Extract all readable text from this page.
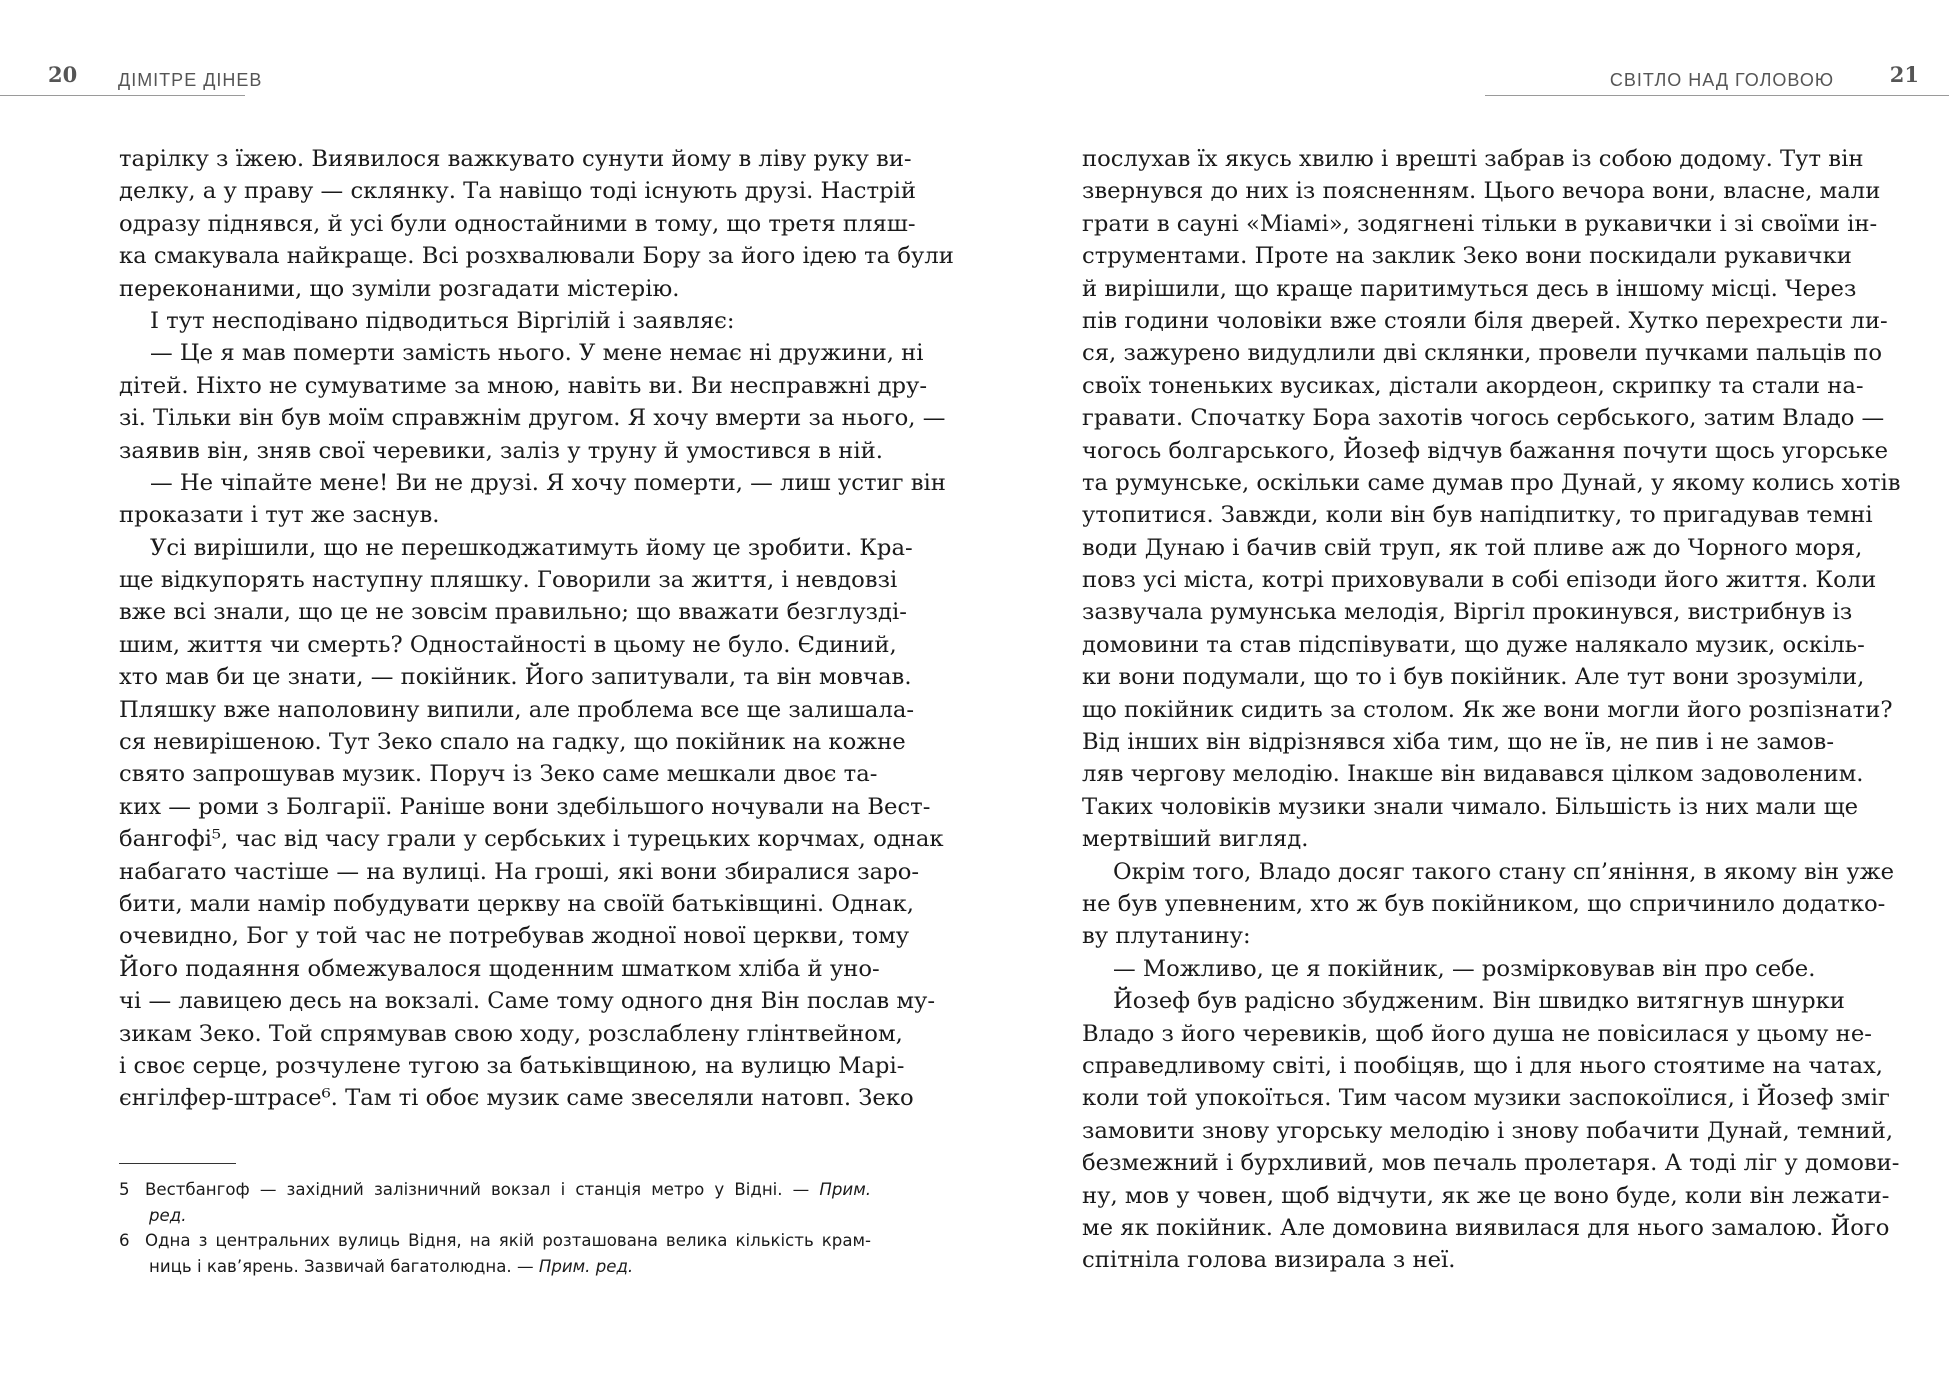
20 ДІМІТРЕ ДІНЕВ
тарілку з їжею. Виявилося важкувато сунути йому в ліву руку ви-
делку, а у праву — склянку. Та навіщо тоді існують друзі. Настрій
одразу піднявся, й усі були одностайними в тому, що третя пляш-
ка смакувала найкраще. Всі розхвалювали Бору за його ідею та були
переконаними, що зуміли розгадати містерію.
І тут несподівано підводиться Віргілій і заявляє:
— Це я мав померти замість нього. У мене немає ні дружини, ні
дітей. Ніхто не сумуватиме за мною, навіть ви. Ви несправжні дру-
зі. Тільки він був моїм справжнім другом. Я хочу вмерти за нього, —
заявив він, зняв свої черевики, заліз у труну й умостився в ній.
— Не чіпайте мене! Ви не друзі. Я хочу померти, — лиш устиг він
проказати і тут же заснув.
Усі вирішили, що не перешкоджатимуть йому це зробити. Кра-
ще відкупорять наступну пляшку. Говорили за життя, і невдовзі
вже всі знали, що це не зовсім правильно; що вважати безглузді-
шим, життя чи смерть? Одностайності в цьому не було. Єдиний,
хто мав би це знати, — покійник. Його запитували, та він мовчав.
Пляшку вже наполовину випили, але проблема все ще залишала-
ся невирішеною. Тут Зеко спало на гадку, що покійник на кожне
свято запрошував музик. Поруч із Зеко саме мешкали двоє та-
ких — роми з Болгарії. Раніше вони здебільшого ночували на Вест-
бангофі⁵, час від часу грали у сербських і турецьких корчмах, однак
набагато частіше — на вулиці. На гроші, які вони збиралися заро-
бити, мали намір побудувати церкву на своїй батьківщині. Однак,
очевидно, Бог у той час не потребував жодної нової церкви, тому
Його подаяння обмежувалося щоденним шматком хліба й уно-
чі — лавицею десь на вокзалі. Саме тому одного дня Він послав му-
зикам Зеко. Той спрямував свою ходу, розслаблену глінтвейном,
і своє серце, розчулене тугою за батьківщиною, на вулицю Марі-
єнгілфер-штрасе⁶. Там ті обоє музик саме звеселяли натовп. Зеко
5 Вестбангоф — західний залізничний вокзал і станція метро у Відні. — Прим.
ред.
6 Одна з центральних вулиць Відня, на якій розташована велика кількість крам-
ниць і кав’ярень. Зазвичай багатолюдна. — Прим. ред.
21
СВІТЛО НАД ГОЛОВОЮ
послухав їх якусь хвилю і врешті забрав із собою додому. Тут він
звернувся до них із поясненням. Цього вечора вони, власне, мали
грати в сауні «Міамі», зодягнені тільки в рукавички і зі своїми ін-
струментами. Проте на заклик Зеко вони поскидали рукавички
й вирішили, що краще паритимуться десь в іншому місці. Через
пів години чоловіки вже стояли біля дверей. Хутко перехрести ли-
ся, зажурено видудлили дві склянки, провели пучками пальців по
своїх тоненьких вусиках, дістали акордеон, скрипку та стали на-
гравати. Спочатку Бора захотів чогось сербського, затим Владо —
чогось болгарського, Йозеф відчув бажання почути щось угорське
та румунське, оскільки саме думав про Дунай, у якому колись хотів
утопитися. Завжди, коли він був напідпитку, то пригадував темні
води Дунаю і бачив свій труп, як той пливе аж до Чорного моря,
повз усі міста, котрі приховували в собі епізоди його життя. Коли
зазвучала румунська мелодія, Віргіл прокинувся, вистрибнув із
домовини та став підспівувати, що дуже налякало музик, оскіль-
ки вони подумали, що то і був покійник. Але тут вони зрозуміли,
що покійник сидить за столом. Як же вони могли його розпізнати?
Від інших він відрізнявся хіба тим, що не їв, не пив і не замов-
ляв чергову мелодію. Інакше він видавався цілком задоволеним.
Таких чоловіків музики знали чимало. Більшість із них мали ще
мертвіший вигляд.
Окрім того, Владо досяг такого стану сп’яніння, в якому він уже
не був упевненим, хто ж був покійником, що спричинило додатко-
ву плутанину:
— Можливо, це я покійник, — розмірковував він про себе.
Йозеф був радісно збудженим. Він швидко витягнув шнурки
Владо з його черевиків, щоб його душа не повісилася у цьому не-
справедливому світі, і пообіцяв, що і для нього стоятиме на чатах,
коли той упокоїться. Тим часом музики заспокоїлися, і Йозеф зміг
замовити знову угорську мелодію і знову побачити Дунай, темний,
безмежний і бурхливий, мов печаль пролетаря. А тоді ліг у домови-
ну, мов у човен, щоб відчути, як же це воно буде, коли він лежати-
ме як покійник. Але домовина виявилася для нього замалою. Його
спітніла голова визирала з неї.
